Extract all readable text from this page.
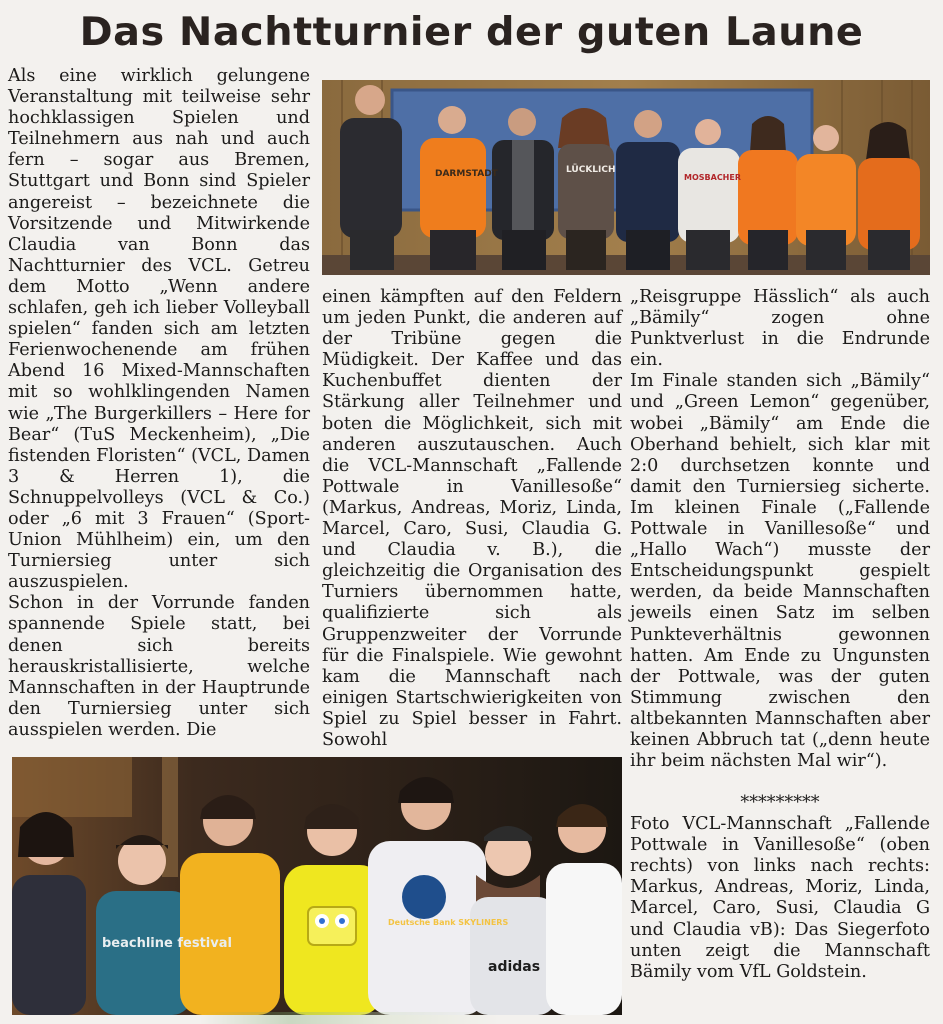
Das Nachtturnier der guten Laune

Als eine wirklich gelungene Veranstaltung mit teilweise sehr hochklassigen Spielen und Teilnehmern aus nah und auch fern – sogar aus Bremen, Stuttgart und Bonn sind Spieler angereist – bezeichnete die Vorsitzende und Mitwirkende Claudia van Bonn das Nachtturnier des VCL. Getreu dem Motto „Wenn andere schlafen, geh ich lieber Volleyball spielen“ fanden sich am letzten Ferienwochenende am frühen Abend 16 Mixed-Mannschaften mit so wohlklingenden Namen wie „The Burgerkillers – Here for Bear“ (TuS Meckenheim), „Die fistenden Floristen“ (VCL, Damen 3 & Herren 1), die Schnuppelvolleys (VCL & Co.) oder „6 mit 3 Frauen“ (Sport-Union Mühlheim) ein, um den Turniersieg unter sich auszuspielen.

Schon in der Vorrunde fanden spannende Spiele statt, bei denen sich bereits herauskristallisierte, welche Mannschaften in der Hauptrunde den Turniersieg unter sich ausspielen werden. Die

DARMSTADT	LÜCKLICH
MOSBACHER

einen kämpften auf den Feldern um jeden Punkt, die anderen auf der Tribüne gegen die Müdigkeit. Der Kaffee und das Kuchenbuffet dienten der Stärkung aller Teilnehmer und boten die Möglichkeit, sich mit anderen auszutauschen. Auch die VCL-Mannschaft „Fallende Pottwale in Vanillesoße“ (Markus, Andreas, Moriz, Linda, Marcel, Caro, Susi, Claudia G. und Claudia v. B.), die gleichzeitig die Organisation des Turniers übernommen hatte, qualifizierte sich als Gruppenzweiter der Vorrunde für die Finalspiele. Wie gewohnt kam die Mannschaft nach einigen Startschwierigkeiten von Spiel zu Spiel besser in Fahrt. Sowohl

„Reisgruppe Hässlich“ als auch „Bämily“ zogen ohne Punktverlust in die Endrunde ein.

Im Finale standen sich „Bämily“ und „Green Lemon“ gegenüber, wobei „Bämily“ am Ende die Oberhand behielt, sich klar mit 2:0 durchsetzen konnte und damit den Turniersieg sicherte. Im kleinen Finale („Fallende Pottwale in Vanillesoße“ und „Hallo Wach“) musste der Entscheidungspunkt gespielt werden, da beide Mannschaften jeweils einen Satz im selben Punkteverhältnis gewonnen hatten. Am Ende zu Ungunsten der Pottwale, was der guten Stimmung zwischen den altbekannten Mannschaften aber keinen Abbruch tat („denn heute ihr beim nächsten Mal wir“).

*********

Foto VCL-Mannschaft „Fallende Pottwale in Vanillesoße“ (oben rechts) von links nach rechts: Markus, Andreas, Moriz, Linda, Marcel, Caro, Susi, Claudia G und Claudia vB): Das Siegerfoto unten zeigt die Mannschaft Bämily vom VfL Goldstein.

beachline festival
Deutsche Bank SKYLINERS
adidas
